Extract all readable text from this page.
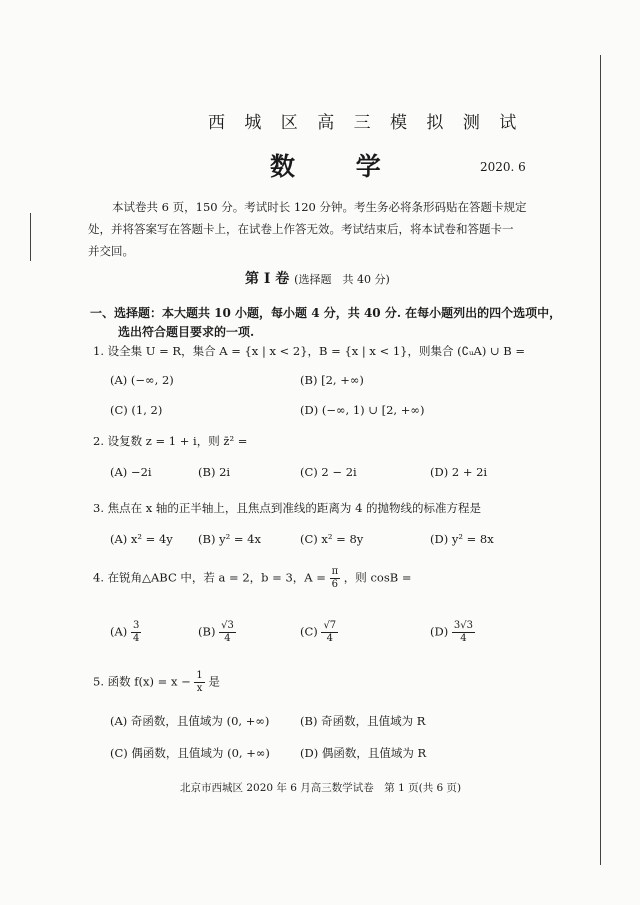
西 城 区 高 三 模 拟 测 试
数 学	2020. 6
本试卷共 6 页，150 分。考试时长 120 分钟。考生务必将条形码贴在答题卡规定
处，并将答案写在答题卡上，在试卷上作答无效。考试结束后，将本试卷和答题卡一
并交回。
第 Ⅰ 卷 (选择题　共 40 分)
一、选择题：本大题共 10 小题，每小题 4 分，共 40 分. 在每小题列出的四个选项中，
选出符合题目要求的一项.
1. 设全集 U = R，集合 A = {x | x < 2}，B = {x | x < 1}，则集合 (∁ᵤA) ∪ B =
(A) (−∞, 2)	(B) [2, +∞)
(C) (1, 2)	(D) (−∞, 1) ∪ [2, +∞)
2. 设复数 z = 1 + i，则 z̄² =
(A) −2i	(B) 2i	(C) 2 − 2i	(D) 2 + 2i
3. 焦点在 x 轴的正半轴上，且焦点到准线的距离为 4 的抛物线的标准方程是
(A) x² = 4y (B) y² = 4x	(C) x² = 8y	(D) y² = 8x
4. 在锐角△ABC 中，若 a = 2，b = 3，$A = \frac{\pi}{6}$ ，则 cosB =
$(A) \frac{3}{4}$	$(B) \frac{√3}{4}$	$(C) \frac{√7}{4}$	$(D) \frac{3√3}{4}$
5. 函数 $f(x) = x - \frac{1}{x}$ 是
(A) 奇函数，且值域为 (0, +∞)	(B) 奇函数，且值域为 R
(C) 偶函数，且值域为 (0, +∞)	(D) 偶函数，且值域为 R
北京市西城区 2020 年 6 月高三数学试卷　第 1 页(共 6 页)
